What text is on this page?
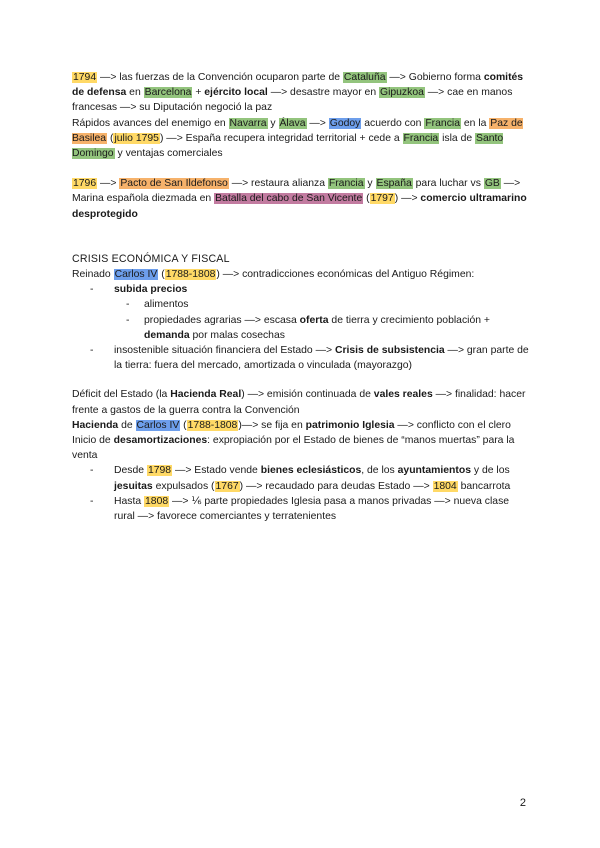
1794 —> las fuerzas de la Convención ocuparon parte de Cataluña —> Gobierno forma comités de defensa en Barcelona + ejército local —> desastre mayor en Gipuzkoa —> cae en manos francesas —> su Diputación negoció la paz

Rápidos avances del enemigo en Navarra y Álava —> Godoy acuerdo con Francia en la Paz de Basilea (julio 1795) —> España recupera integridad territorial + cede a Francia isla de Santo Domingo y ventajas comerciales

1796 —> Pacto de San Ildefonso —> restaura alianza Francia y España para luchar vs GB —> Marina española diezmada en Batalla del cabo de San Vicente (1797) —> comercio ultramarino desprotegido

CRISIS ECONÓMICA Y FISCAL

Reinado Carlos IV (1788-1808) —> contradicciones económicas del Antiguo Régimen:

- subida precios
- alimentos
- propiedades agrarias —> escasa oferta de tierra y crecimiento población + demanda por malas cosechas
- insostenible situación financiera del Estado —> Crisis de subsistencia —> gran parte de la tierra: fuera del mercado, amortizada o vinculada (mayorazgo)

Déficit del Estado (la Hacienda Real) —> emisión continuada de vales reales —> finalidad: hacer frente a gastos de la guerra contra la Convención

Hacienda de Carlos IV (1788-1808)—> se fija en patrimonio Iglesia —> conflicto con el clero

Inicio de desamortizaciones: expropiación por el Estado de bienes de “manos muertas” para la venta

- Desde 1798 —> Estado vende bienes eclesiásticos, de los ayuntamientos y de los jesuitas expulsados (1767) —> recaudado para deudas Estado —> 1804 bancarrota
- Hasta 1808 —> ⅙ parte propiedades Iglesia pasa a manos privadas —> nueva clase rural —> favorece comerciantes y terratenientes
2
